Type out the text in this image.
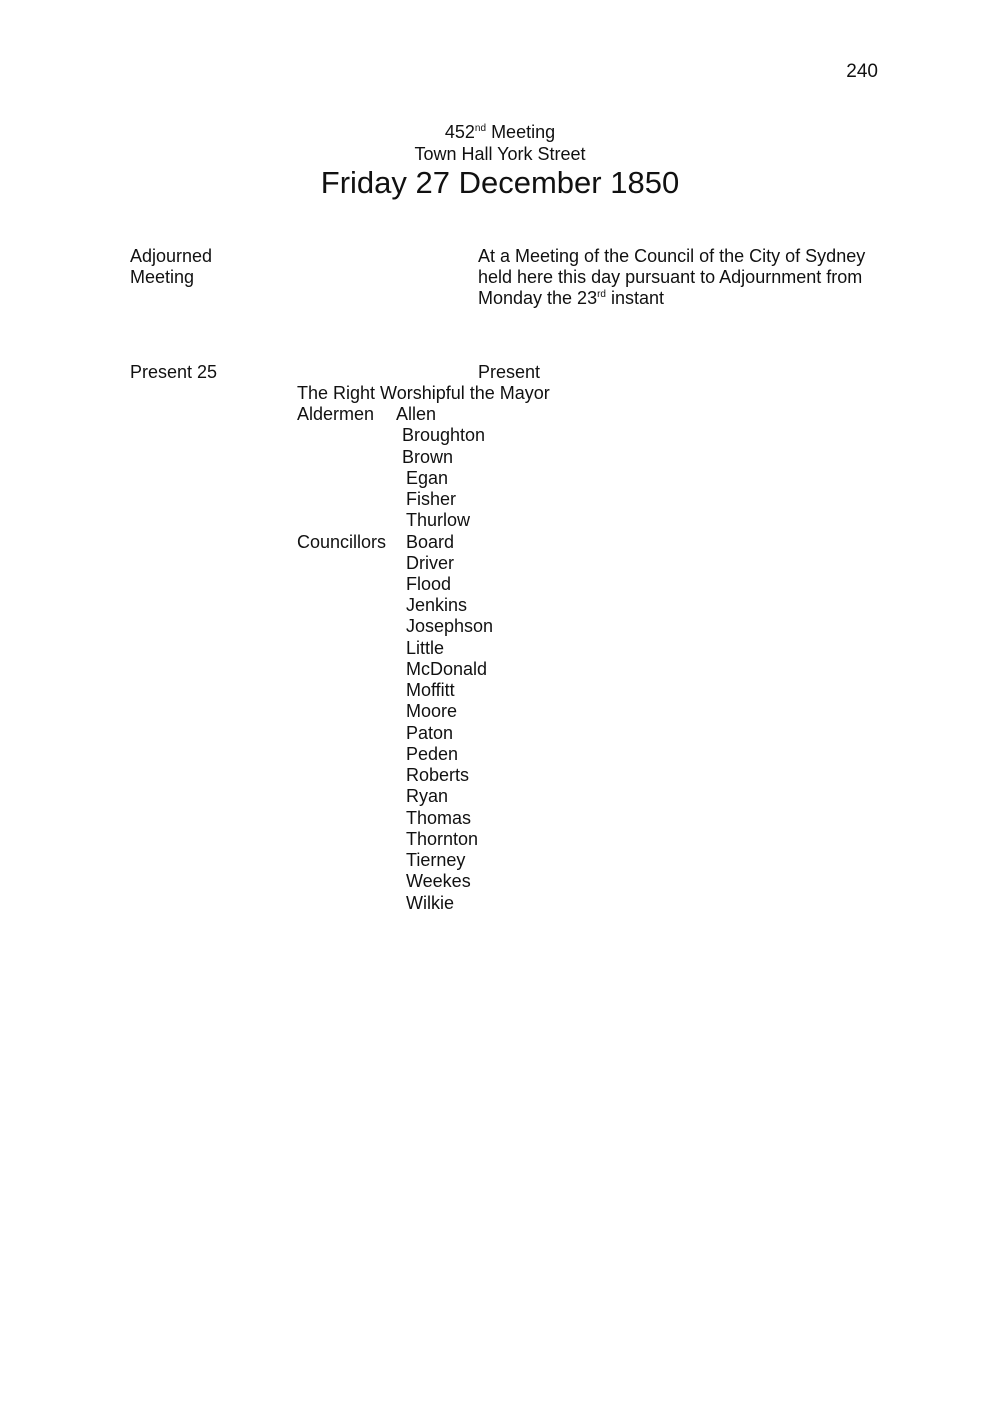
240
452nd Meeting
Town Hall York Street
Friday 27 December 1850
Adjourned
Meeting
At a Meeting of the Council of the City of Sydney
held here this day pursuant to Adjournment from
Monday the 23rd instant
Present 25	Present
The Right Worshipful the Mayor
Aldermen
Councillors
Allen
Broughton
Brown
Egan
Fisher
Thurlow
Board
Driver
Flood
Jenkins
Josephson
Little
McDonald
Moffitt
Moore
Paton
Peden
Roberts
Ryan
Thomas
Thornton
Tierney
Weekes
Wilkie
